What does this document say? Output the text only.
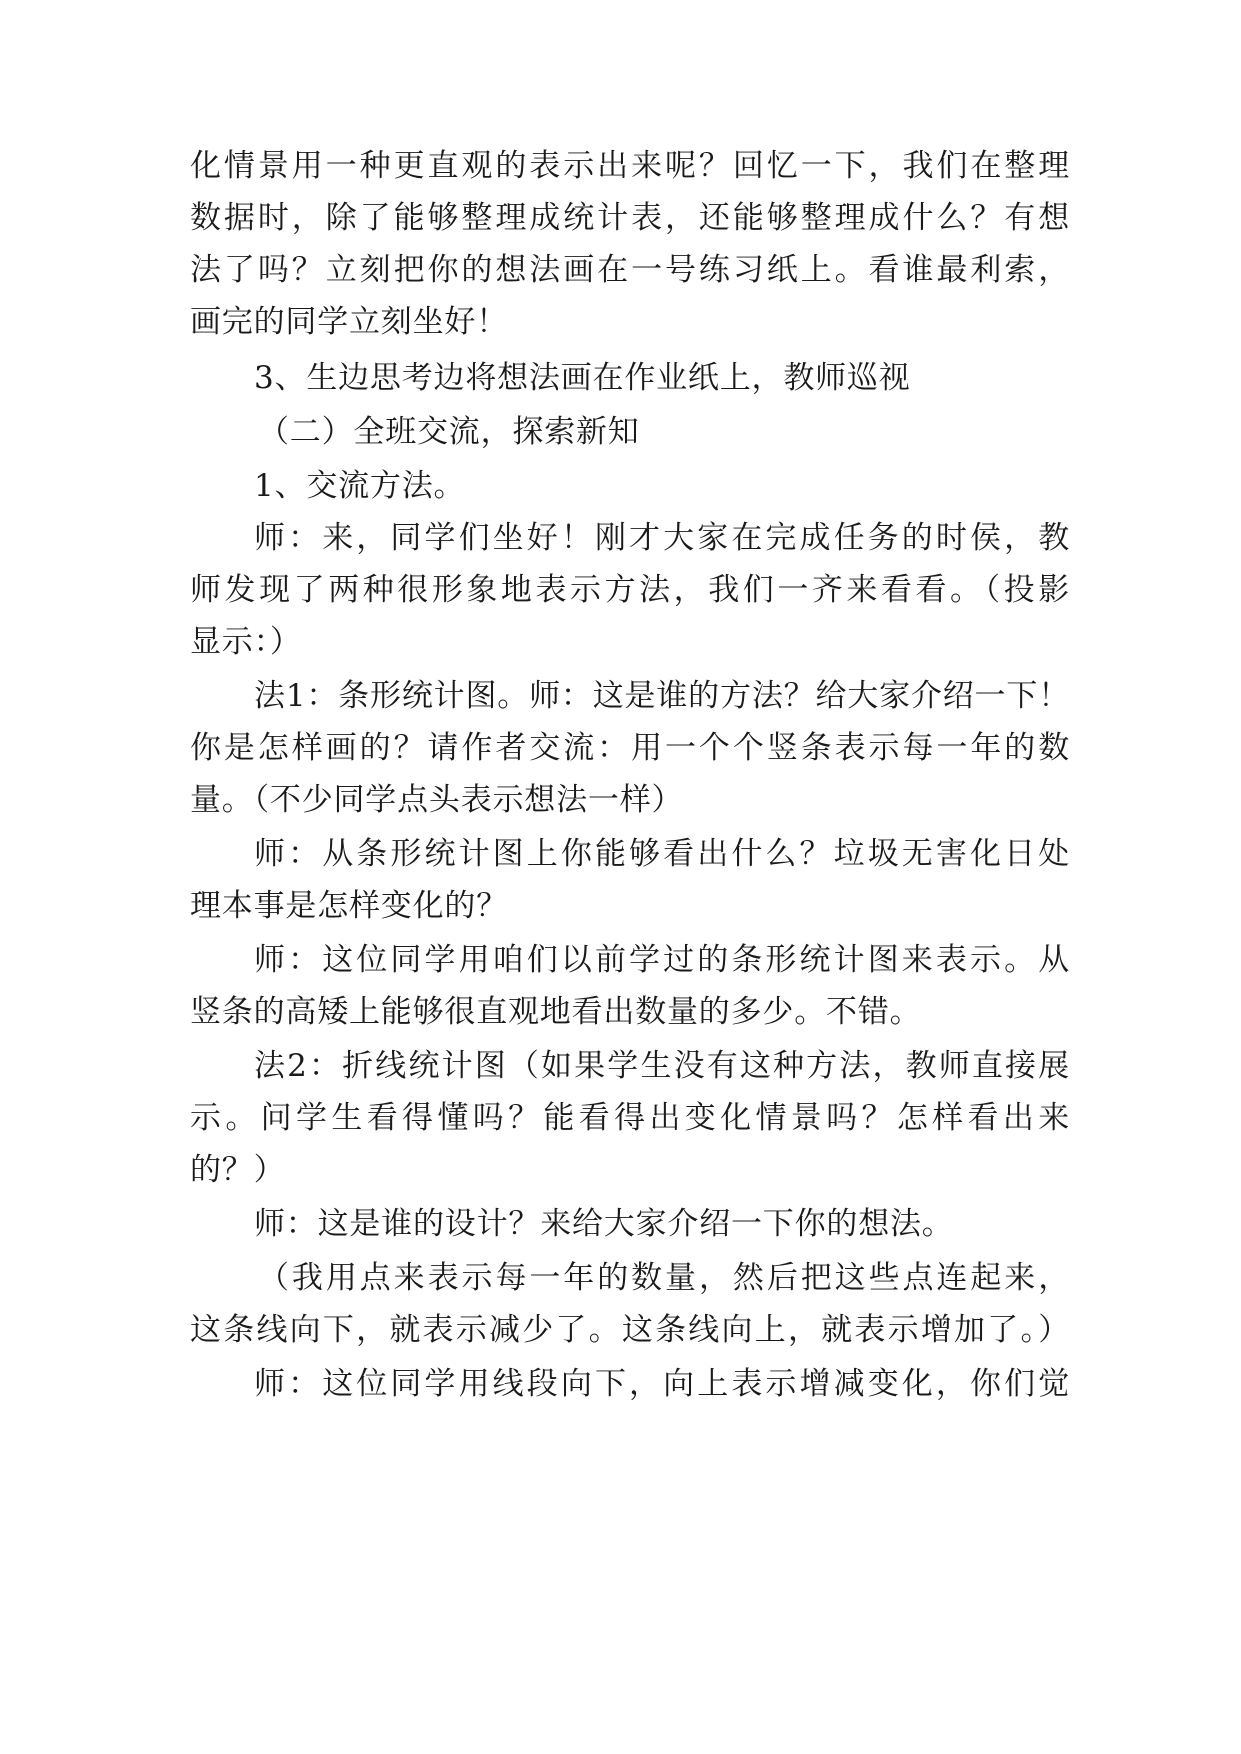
化情景用一种更直观的表示出来呢？回忆一下，我们在整理
数据时，除了能够整理成统计表，还能够整理成什么？有想
法了吗？立刻把你的想法画在一号练习纸上。看谁最利索，
画完的同学立刻坐好！
3、生边思考边将想法画在作业纸上，教师巡视
（二）全班交流，探索新知
1、交流方法。
师：来，同学们坐好！刚才大家在完成任务的时侯，教
师发现了两种很形象地表示方法，我们一齐来看看。（投影
显示：）
法1：条形统计图。师：这是谁的方法？给大家介绍一下！
你是怎样画的？请作者交流：用一个个竖条表示每一年的数
量。（不少同学点头表示想法一样）
师：从条形统计图上你能够看出什么？垃圾无害化日处
理本事是怎样变化的？
师：这位同学用咱们以前学过的条形统计图来表示。从
竖条的高矮上能够很直观地看出数量的多少。不错。
法2：折线统计图（如果学生没有这种方法，教师直接展
示。问学生看得懂吗？能看得出变化情景吗？怎样看出来
的？）
师：这是谁的设计？来给大家介绍一下你的想法。
（我用点来表示每一年的数量，然后把这些点连起来，
这条线向下，就表示减少了。这条线向上，就表示增加了。）
师：这位同学用线段向下，向上表示增减变化，你们觉
